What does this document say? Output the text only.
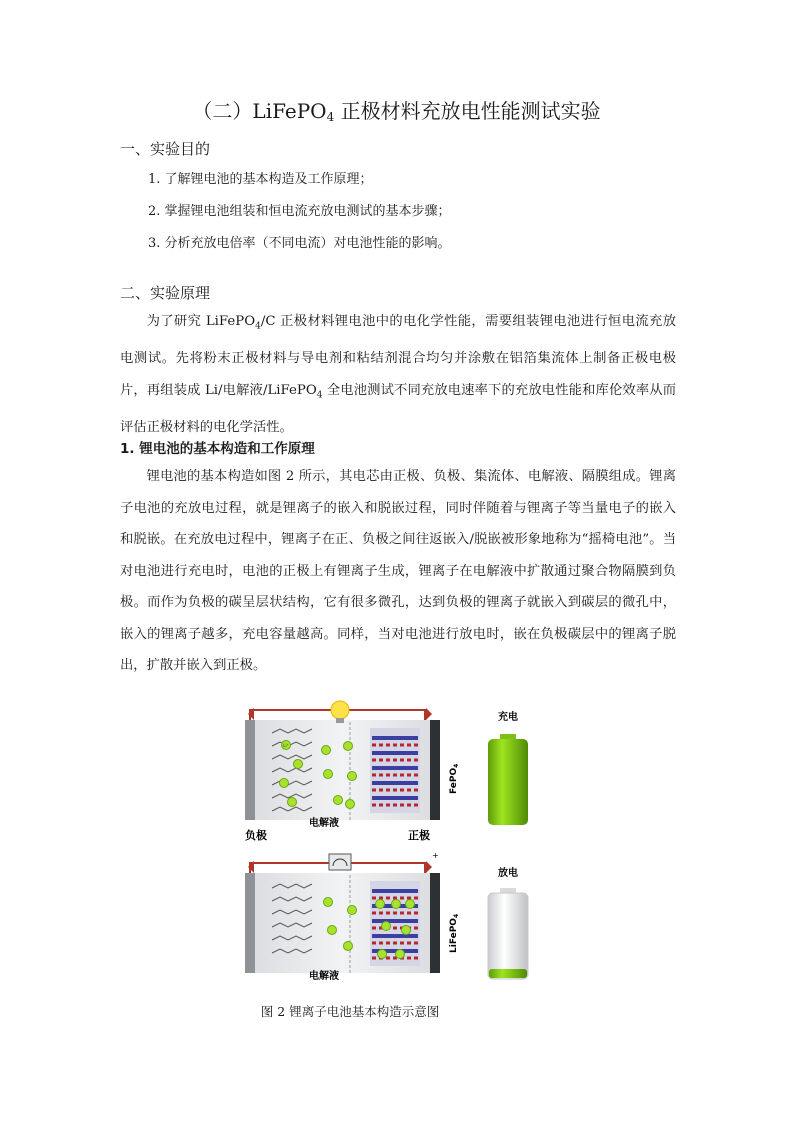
（二）LiFePO$_4$ 正极材料充放电性能测试实验
一、实验目的
1. 了解锂电池的基本构造及工作原理；
2. 掌握锂电池组装和恒电流充放电测试的基本步骤；
3. 分析充放电倍率（不同电流）对电池性能的影响。
二、实验原理

为了研究 LiFePO$_4$/C 正极材料锂电池中的电化学性能，需要组装锂电池进行恒电流充放电测试。先将粉末正极材料与导电剂和粘结剂混合均匀并涂敷在铝箔集流体上制备正极电极片，再组装成 Li/电解液/LiFePO$_4$ 全电池测试不同充放电速率下的充放电性能和库伦效率从而评估正极材料的电化学活性。

1. 锂电池的基本构造和工作原理

锂电池的基本构造如图 2 所示，其电芯由正极、负极、集流体、电解液、隔膜组成。锂离子电池的充放电过程，就是锂离子的嵌入和脱嵌过程，同时伴随着与锂离子等当量电子的嵌入和脱嵌。在充放电过程中，锂离子在正、负极之间往返嵌入/脱嵌被形象地称为“摇椅电池”。当对电池进行充电时，电池的正极上有锂离子生成，锂离子在电解液中扩散通过聚合物隔膜到负极。而作为负极的碳呈层状结构，它有很多微孔，达到负极的锂离子就嵌入到碳层的微孔中，嵌入的锂离子越多，充电容量越高。同样，当对电池进行放电时，嵌在负极碳层中的锂离子脱出，扩散并嵌入到正极。

Li⁺
电解液
负极	正极
FePO$_4$
充电
电解液
LiFePO$_4$
+
放电
图 2 锂离子电池基本构造示意图
